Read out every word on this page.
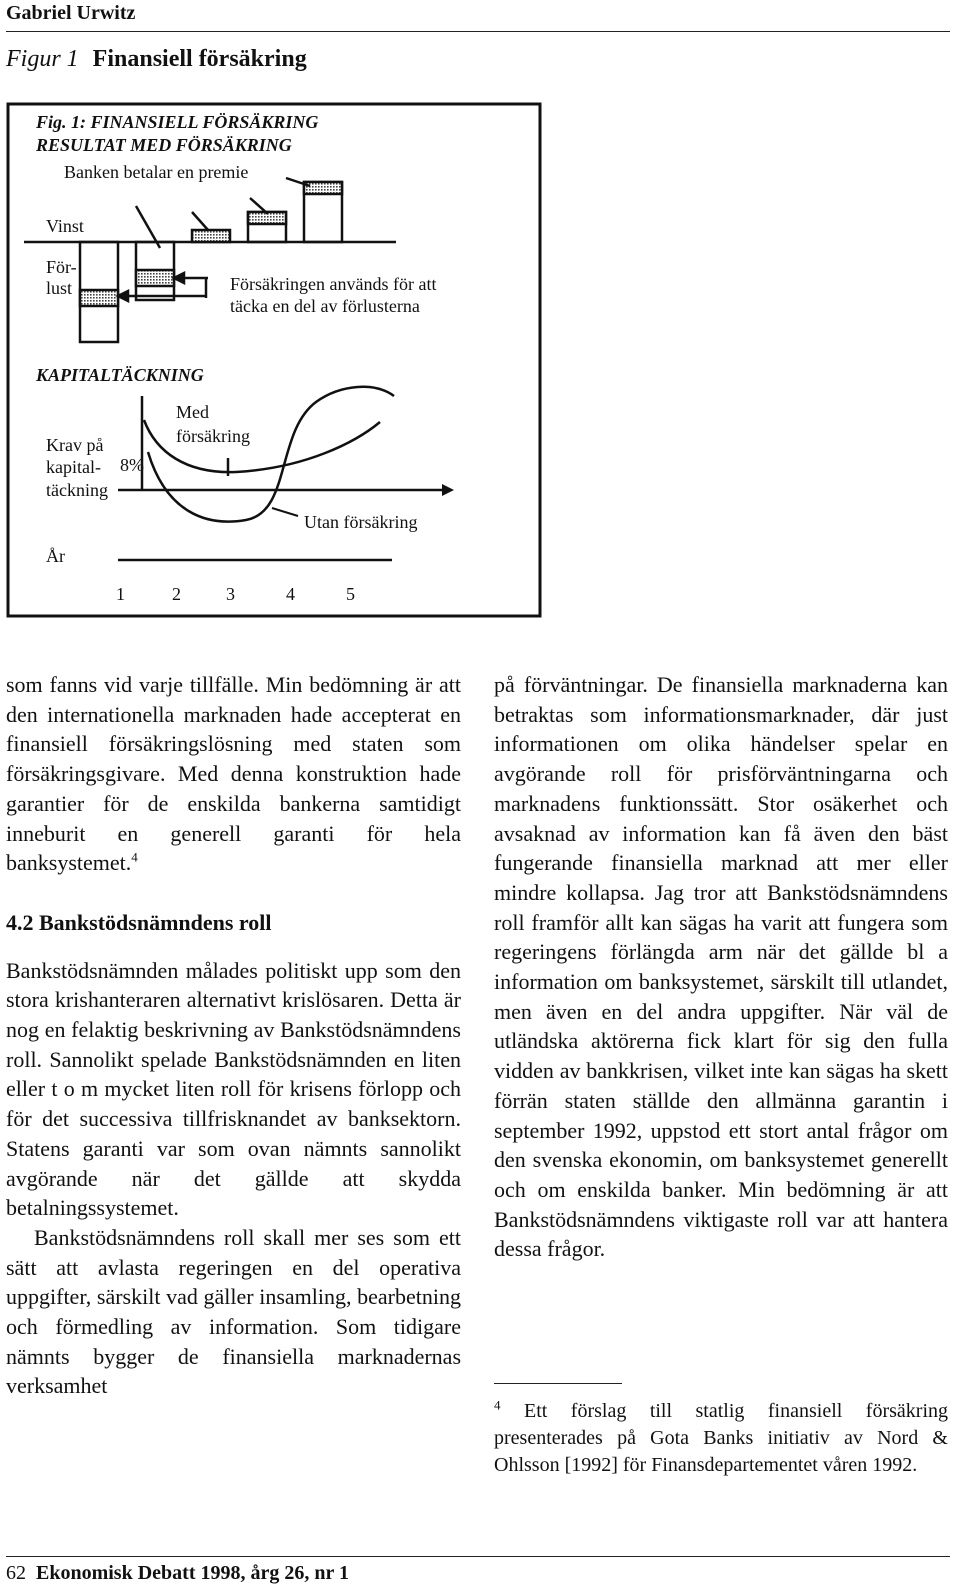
Gabriel Urwitz
Figur 1 Finansiell försäkring
Fig. 1: FINANSIELL FÖRSÄKRING
RESULTAT MED FÖRSÄKRING
Banken betalar en premie
Vinst
För-
lust	Försäkringen används för att
täcka en del av förlusterna
KAPITALTÄCKNING
Krav på
kapital-
täckning
8%
Med
försäkring
Utan försäkring
År
1	2	3	4	5

som fanns vid varje tillfälle. Min bedömning är att den internationella marknaden hade accepterat en finansiell försäkringslösning med staten som försäkringsgivare. Med denna konstruktion hade garantier för de enskilda bankerna samtidigt inneburit en generell garanti för hela banksystemet.$^4$

4.2 Bankstödsnämndens roll

Bankstödsnämnden målades politiskt upp som den stora krishanteraren alternativt krislösaren. Detta är nog en felaktig beskrivning av Bankstödsnämndens roll. Sannolikt spelade Bankstödsnämnden en liten eller t o m mycket liten roll för krisens förlopp och för det successiva tillfrisknandet av banksektorn. Statens garanti var som ovan nämnts sannolikt avgörande när det gällde att skydda betalningssystemet.

Bankstödsnämndens roll skall mer ses som ett sätt att avlasta regeringen en del operativa uppgifter, särskilt vad gäller insamling, bearbetning och förmedling av information. Som tidigare nämnts bygger de finansiella marknadernas verksamhet

på förväntningar. De finansiella marknaderna kan betraktas som informationsmarknader, där just informationen om olika händelser spelar en avgörande roll för prisförväntningarna och marknadens funktionssätt. Stor osäkerhet och avsaknad av information kan få även den bäst fungerande finansiella marknad att mer eller mindre kollapsa. Jag tror att Bankstödsnämndens roll framför allt kan sägas ha varit att fungera som regeringens förlängda arm när det gällde bl a information om banksystemet, särskilt till utlandet, men även en del andra uppgifter. När väl de utländska aktörerna fick klart för sig den fulla vidden av bankkrisen, vilket inte kan sägas ha skett förrän staten ställde den allmänna garantin i september 1992, uppstod ett stort antal frågor om den svenska ekonomin, om banksystemet generellt och om enskilda banker. Min bedömning är att Bankstödsnämndens viktigaste roll var att hantera dessa frågor.

$^4$ Ett förslag till statlig finansiell försäkring presenterades på Gota Banks initiativ av Nord & Ohlsson [1992] för Finansdepartementet våren 1992.
62 Ekonomisk Debatt 1998, årg 26, nr 1
